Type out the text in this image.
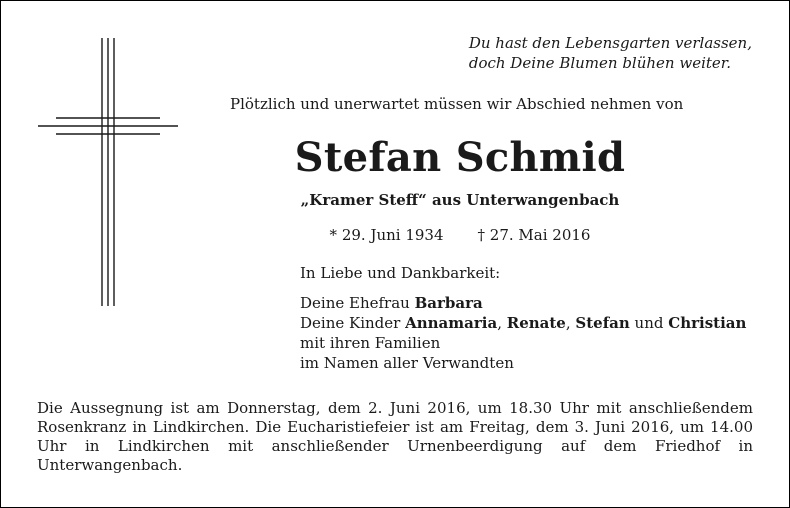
Du hast den Lebensgarten verlassen,
doch Deine Blumen blühen weiter.
Plötzlich und unerwartet müssen wir Abschied nehmen von
Stefan Schmid
„Kramer Steff“ aus Unterwangenbach
* 29. Juni 1934 † 27. Mai 2016
In Liebe und Dankbarkeit:
Deine Ehefrau Barbara
Deine Kinder Annamaria, Renate, Stefan und Christian
mit ihren Familien
im Namen aller Verwandten
Die Aussegnung ist am Donnerstag, dem 2. Juni 2016, um 18.30 Uhr mit anschließendem Rosenkranz in Lindkirchen. Die Eucharistiefeier ist am Freitag, dem 3. Juni 2016, um 14.00 Uhr in Lindkirchen mit anschließender Urnenbeerdigung auf dem Friedhof in Unterwangenbach.
